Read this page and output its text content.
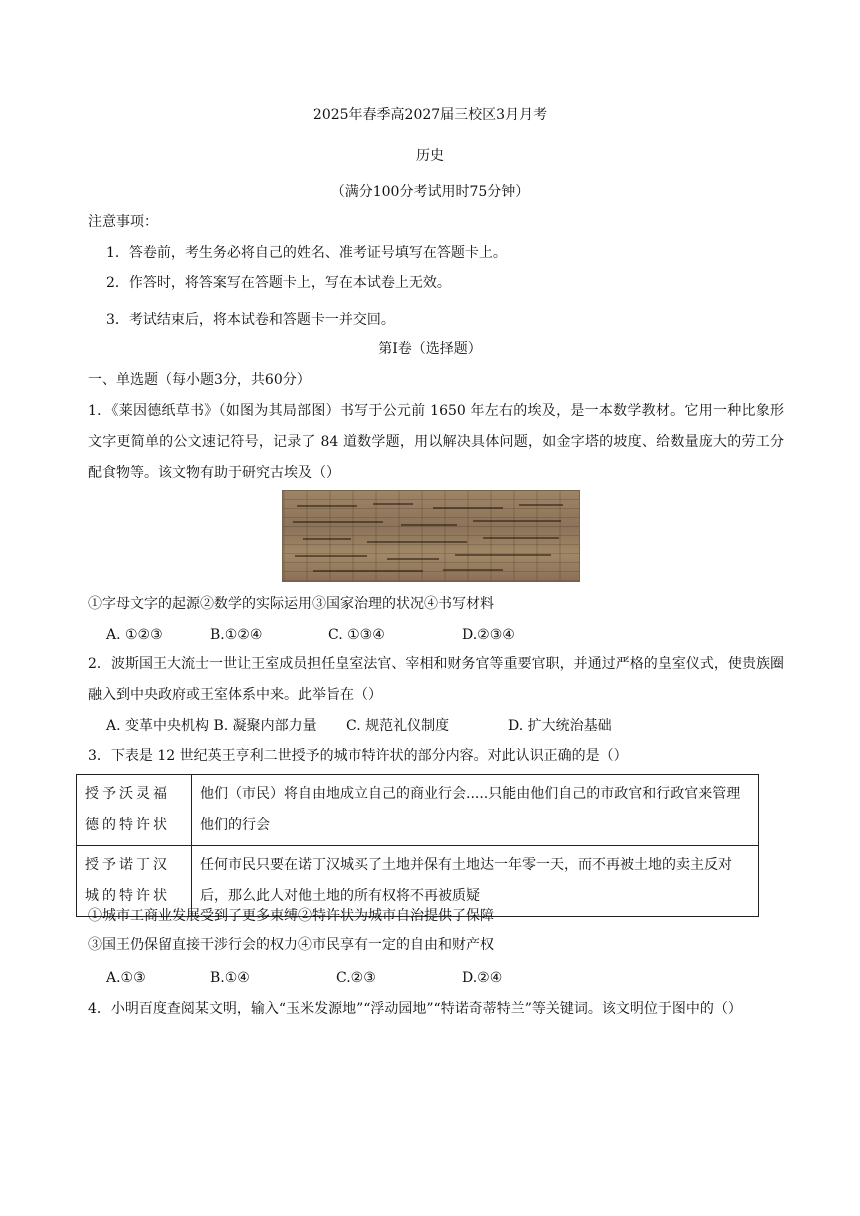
2025年春季高2027届三校区3月月考
历史
（满分100分考试用时75分钟）
注意事项：
1．答卷前，考生务必将自己的姓名、准考证号填写在答题卡上。
2．作答时，将答案写在答题卡上，写在本试卷上无效。
3．考试结束后，将本试卷和答题卡一并交回。
第Ⅰ卷（选择题）
一、单选题（每小题3分，共60分）
1．《莱因德纸草书》（如图为其局部图）书写于公元前 1650 年左右的埃及，是一本数学教材。它用一种比象形文字更简单的公文速记符号，记录了 84 道数学题，用以解决具体问题，如金字塔的坡度、给数量庞大的劳工分配食物等。该文物有助于研究古埃及（）
①字母文字的起源②数学的实际运用③国家治理的状况④书写材料
A. ①②③	B.①②④	C. ①③④	D.②③④
2．波斯国王大流士一世让王室成员担任皇室法官、宰相和财务官等重要官职，并通过严格的皇室仪式，使贵族圈融入到中央政府或王室体系中来。此举旨在（）
A. 变革中央机构 B. 凝聚内部力量 C. 规范礼仪制度	D. 扩大统治基础
3．下表是 12 世纪英王亨利二世授予的城市特许状的部分内容。对此认识正确的是（）
授予沃灵福德的特许状	他们（市民）将自由地成立自己的商业行会.....只能由他们自己的市政官和行政官来管理他们的行会
授予诺丁汉城的特许状	任何市民只要在诺丁汉城买了土地并保有土地达一年零一天，而不再被土地的卖主反对后，那么此人对他土地的所有权将不再被质疑
①城市工商业发展受到了更多束缚②特许状为城市自治提供了保障
③国王仍保留直接干涉行会的权力④市民享有一定的自由和财产权
A.①③	B.①④	C.②③	D.②④
4．小明百度查阅某文明，输入“玉米发源地”“浮动园地”“特诺奇蒂特兰”等关键词。该文明位于图中的（）
